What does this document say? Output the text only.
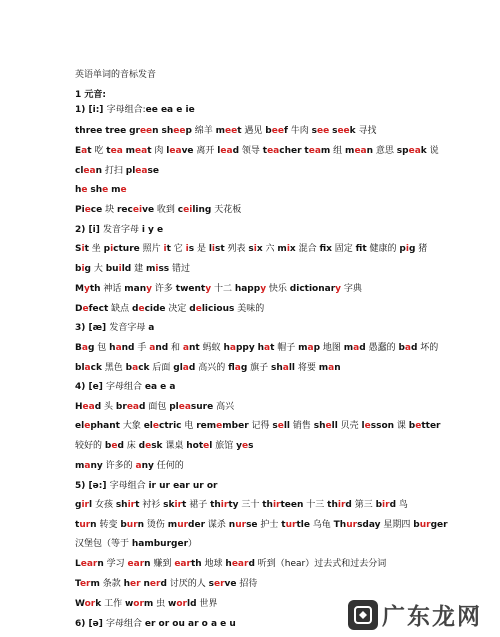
英语单词的音标发音
1 元音:
1) [i:] 字母组合:ee ea e ie
three tree green sheep 绵羊 meet 遇见 beef 牛肉 see seek 寻找
Eat 吃 tea meat 肉 leave 离开 lead 领导 teacher team 组 mean 意思 speak 说
clean 打扫 please
he she me
Piece 块 receive 收到 ceiling 天花板
2) [i] 发音字母 i y e
Sit 坐 picture 照片 it 它 is 是 list 列表 six 六 mix 混合 fx 固定 ft 健康的 pig 猪
big 大 build 建 miss 错过
Myth 神话 many 许多 twenty 十二 happy 快乐 dictionary 字典
Defect 缺点 decide 决定 delicious 美味的
3) [æ] 发音字母 a
Bag 包 hand 手 and 和 ant 蚂蚁 happy hat 帽子 map 地图 mad 愚蠢的 bad 坏的
black 黑色 back 后面 glad 高兴的 flag 旗子 shall 将要 man
4) [e] 字母组合 ea e a
Head 头 bread 面包 pleasure 高兴
elephant 大象 electric 电 remember 记得 sell 销售 shell 贝壳 lesson 课 better
较好的 bed 床 desk 课桌 hotel 旅馆 yes
many 许多的 any 任何的
5) [ə:] 字母组合 ir ur ear ur or
girl 女孩 shirt 衬衫 skirt 裙子 thirty 三十 thirteen 十三 third 第三 bird 鸟
turn 转变 burn 烫伤 murder 谋杀 nurse 护士 turtle 乌龟 Thursday 星期四 burger
汉堡包（等于 hamburger）
Learn 学习 earn 赚到 earth 地球 heard 听到（hear）过去式和过去分词
Term 条款 her nerd 讨厌的人 serve 招待
Work 工作 worm 虫 world 世界
6) [ə] 字母组合 er or ou ar o a e u	广东龙网
